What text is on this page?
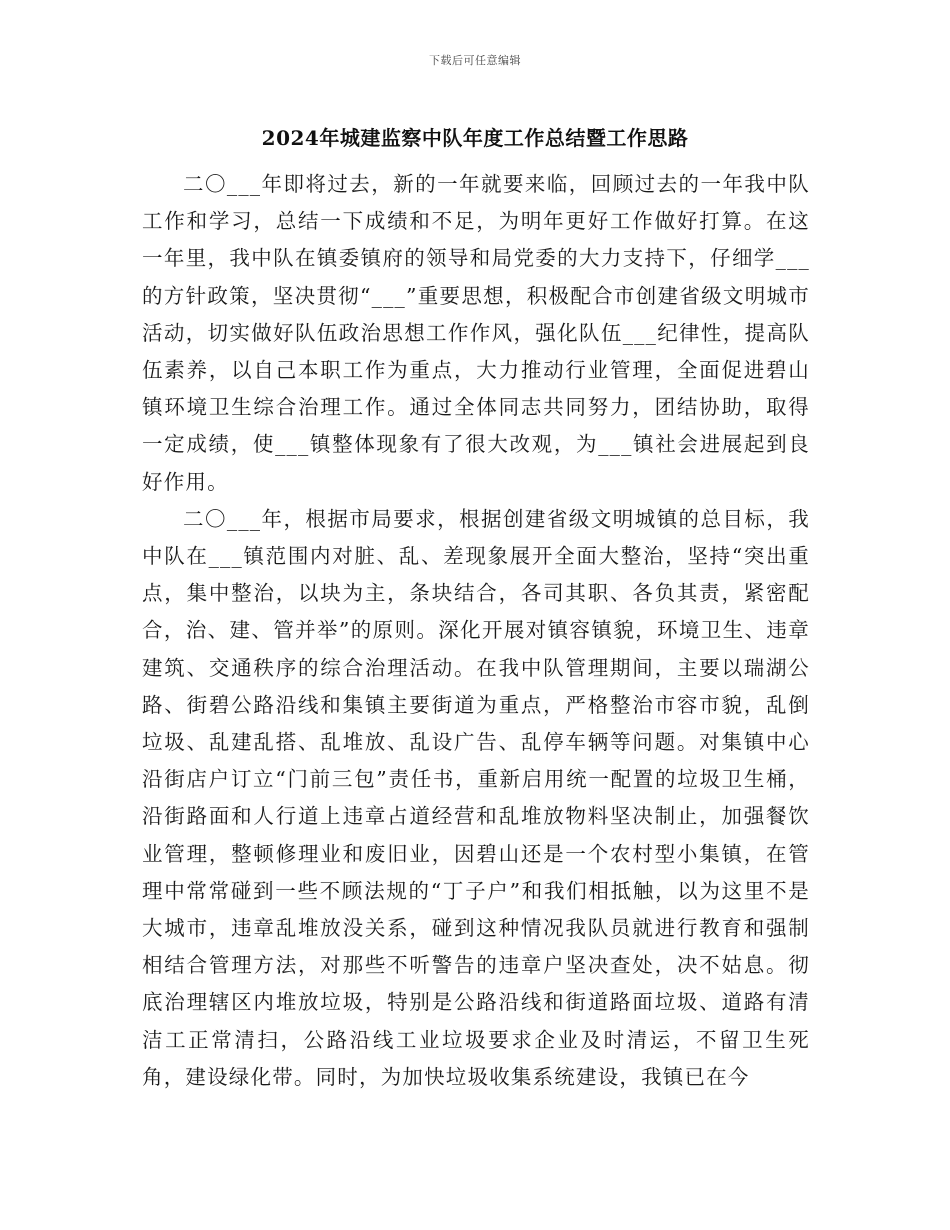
下载后可任意编辑
2024年城建监察中队年度工作总结暨工作思路

二〇___年即将过去，新的一年就要来临，回顾过去的一年我中队工作和学习，总结一下成绩和不足，为明年更好工作做好打算。在这一年里，我中队在镇委镇府的领导和局党委的大力支持下，仔细学___的方针政策，坚决贯彻“___”重要思想，积极配合市创建省级文明城市活动，切实做好队伍政治思想工作作风，强化队伍___纪律性，提高队伍素养，以自己本职工作为重点，大力推动行业管理，全面促进碧山镇环境卫生综合治理工作。通过全体同志共同努力，团结协助，取得一定成绩，使___镇整体现象有了很大改观，为___镇社会进展起到良好作用。

二〇___年，根据市局要求，根据创建省级文明城镇的总目标，我中队在___镇范围内对脏、乱、差现象展开全面大整治，坚持“突出重点，集中整治，以块为主，条块结合，各司其职、各负其责，紧密配合，治、建、管并举”的原则。深化开展对镇容镇貌，环境卫生、违章建筑、交通秩序的综合治理活动。在我中队管理期间，主要以瑞湖公路、街碧公路沿线和集镇主要街道为重点，严格整治市容市貌，乱倒垃圾、乱建乱搭、乱堆放、乱设广告、乱停车辆等问题。对集镇中心沿街店户订立“门前三包”责任书，重新启用统一配置的垃圾卫生桶，沿街路面和人行道上违章占道经营和乱堆放物料坚决制止，加强餐饮业管理，整顿修理业和废旧业，因碧山还是一个农村型小集镇，在管理中常常碰到一些不顾法规的“丁子户”和我们相抵触，以为这里不是大城市，违章乱堆放没关系，碰到这种情况我队员就进行教育和强制相结合管理方法，对那些不听警告的违章户坚决查处，决不姑息。彻底治理辖区内堆放垃圾，特别是公路沿线和街道路面垃圾、道路有清洁工正常清扫，公路沿线工业垃圾要求企业及时清运，不留卫生死角，建设绿化带。同时，为加快垃圾收集系统建设，我镇已在今
